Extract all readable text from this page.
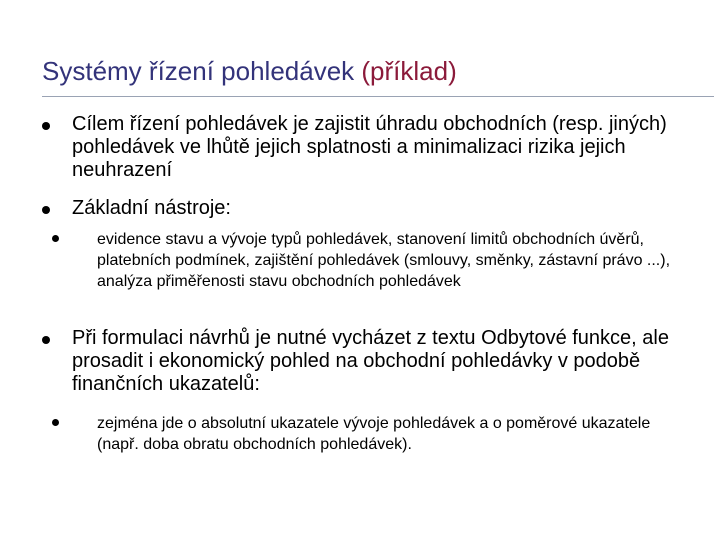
Systémy řízení pohledávek (příklad)
Cílem řízení pohledávek je zajistit úhradu obchodních (resp. jiných) pohledávek ve lhůtě jejich splatnosti a minimalizaci rizika jejich neuhrazení
Základní nástroje:
evidence stavu a vývoje typů pohledávek, stanovení limitů obchodních úvěrů, platebních podmínek, zajištění pohledávek (smlouvy, směnky, zástavní právo ...), analýza přiměřenosti stavu obchodních pohledávek
Při formulaci návrhů je nutné vycházet z textu Odbytové funkce, ale prosadit i ekonomický pohled na obchodní pohledávky v podobě finančních ukazatelů:
zejména jde o absolutní ukazatele vývoje pohledávek a o poměrové ukazatele (např. doba obratu obchodních pohledávek).
